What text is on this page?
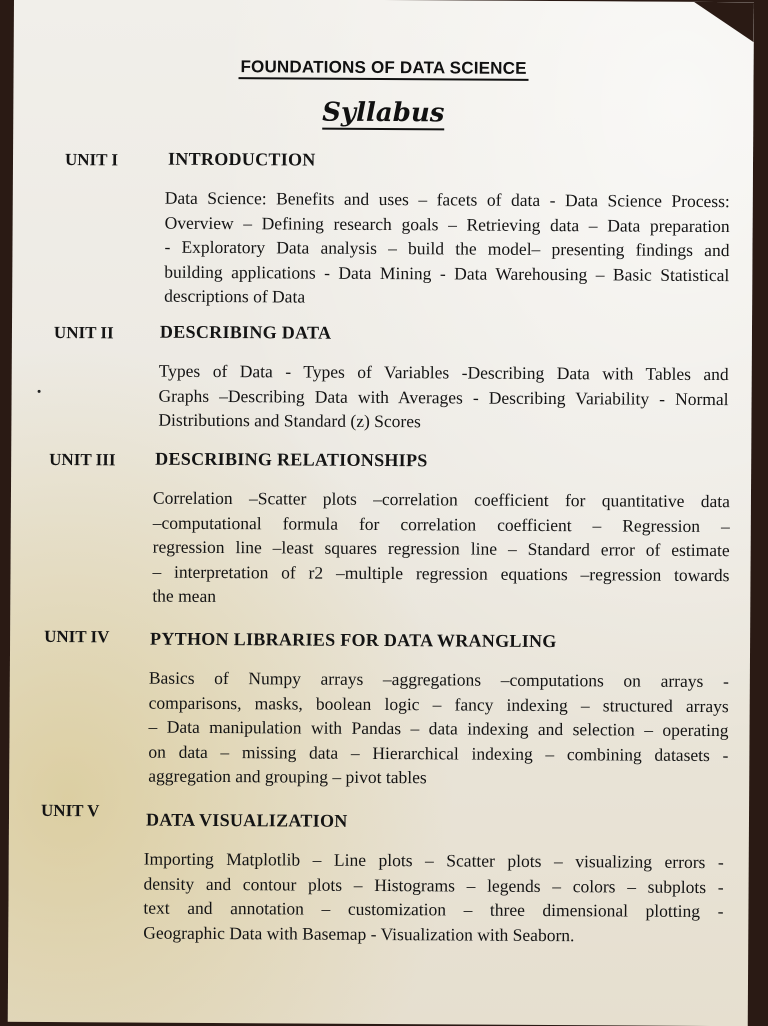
FOUNDATIONS OF DATA SCIENCE
Syllabus
UNIT I	INTRODUCTION
Data Science: Benefits and uses – facets of data - Data Science Process:
Overview – Defining research goals – Retrieving data – Data preparation
- Exploratory Data analysis – build the model– presenting findings and
building applications - Data Mining - Data Warehousing – Basic Statistical
descriptions of Data
UNIT II	DESCRIBING DATA
Types of Data - Types of Variables -Describing Data with Tables and
Graphs –Describing Data with Averages - Describing Variability - Normal
Distributions and Standard (z) Scores
UNIT III DESCRIBING RELATIONSHIPS
Correlation –Scatter plots –correlation coefficient for quantitative data
–computational formula for correlation coefficient – Regression –
regression line –least squares regression line – Standard error of estimate
– interpretation of r2 –multiple regression equations –regression towards
the mean
UNIT IV PYTHON LIBRARIES FOR DATA WRANGLING
Basics of Numpy arrays –aggregations –computations on arrays -
comparisons, masks, boolean logic – fancy indexing – structured arrays
– Data manipulation with Pandas – data indexing and selection – operating
on data – missing data – Hierarchical indexing – combining datasets -
aggregation and grouping – pivot tables
UNIT V	DATA VISUALIZATION
Importing Matplotlib – Line plots – Scatter plots – visualizing errors -
density and contour plots – Histograms – legends – colors – subplots -
text and annotation – customization – three dimensional plotting -
Geographic Data with Basemap - Visualization with Seaborn.
